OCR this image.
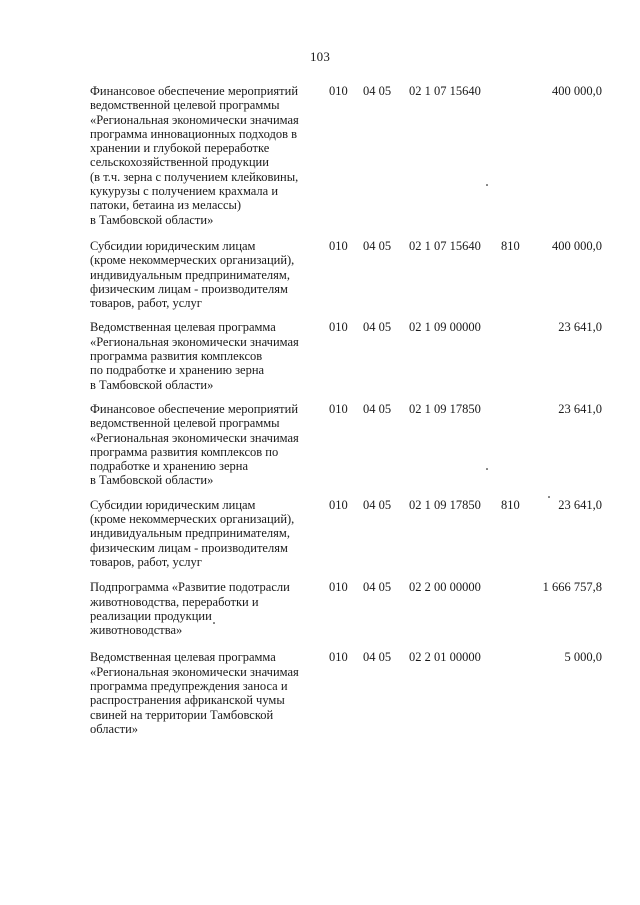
103
Финансовое обеспечение мероприятий
ведомственной целевой программы
«Региональная экономически значимая
программа инновационных подходов в
хранении и глубокой переработке
сельскохозяйственной продукции
(в т.ч. зерна с получением клейковины,
кукурузы с получением крахмала и
патоки, бетаина из мелассы)
в Тамбовской области»
010 04 05 02 1 07 15640	400 000,0
Субсидии юридическим лицам
(кроме некоммерческих организаций),
индивидуальным предпринимателям,
физическим лицам - производителям
товаров, работ, услуг
010 04 05 02 1 07 15640 810	400 000,0
Ведомственная целевая программа
«Региональная экономически значимая
программа развития комплексов
по подработке и хранению зерна
в Тамбовской области»
010 04 05 02 1 09 00000	23 641,0
Финансовое обеспечение мероприятий
ведомственной целевой программы
«Региональная экономически значимая
программа развития комплексов по
подработке и хранению зерна
в Тамбовской области»
010 04 05 02 1 09 17850	23 641,0
Субсидии юридическим лицам
(кроме некоммерческих организаций),
индивидуальным предпринимателям,
физическим лицам - производителям
товаров, работ, услуг
010 04 05 02 1 09 17850 810	23 641,0
Подпрограмма «Развитие подотрасли
животноводства, переработки и
реализации продукции
животноводства»
010 04 05 02 2 00 00000	1 666 757,8
Ведомственная целевая программа
«Региональная экономически значимая
программа предупреждения заноса и
распространения африканской чумы
свиней на территории Тамбовской
области»
010 04 05 02 2 01 00000	5 000,0
